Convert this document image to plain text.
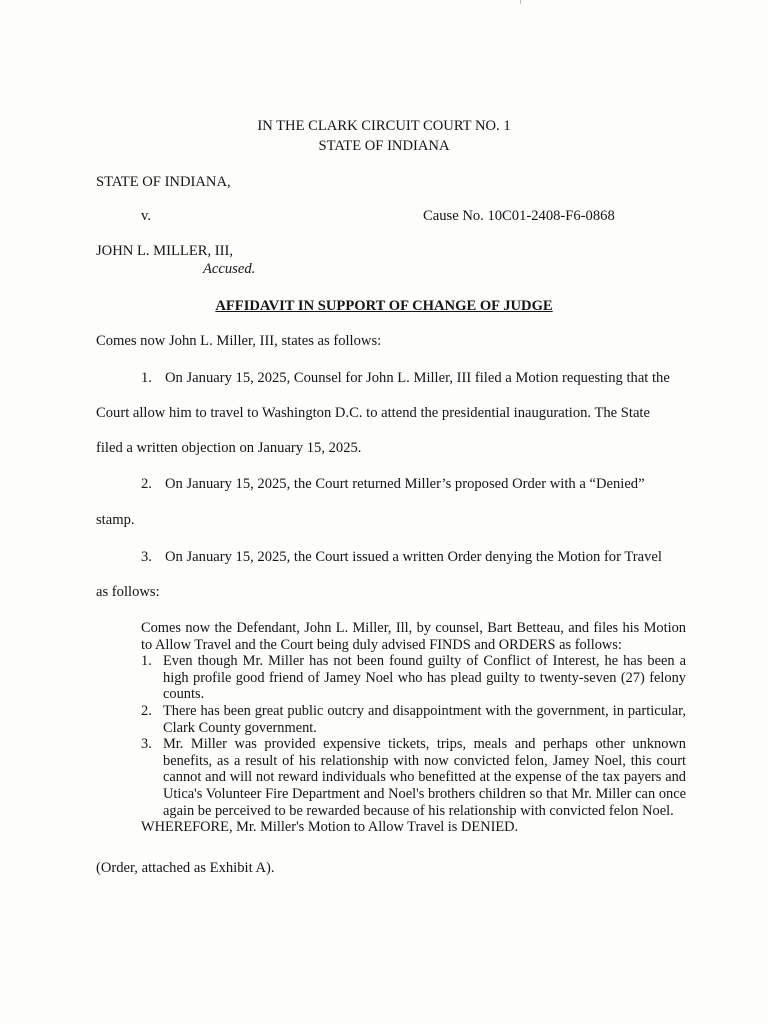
IN THE CLARK CIRCUIT COURT NO. 1
STATE OF INDIANA
STATE OF INDIANA,
v.	Cause No. 10C01-2408-F6-0868
JOHN L. MILLER, III,
Accused.
AFFIDAVIT IN SUPPORT OF CHANGE OF JUDGE
Comes now John L. Miller, III, states as follows:
1. On January 15, 2025, Counsel for John L. Miller, III filed a Motion requesting that the
Court allow him to travel to Washington D.C. to attend the presidential inauguration. The State
filed a written objection on January 15, 2025.
2. On January 15, 2025, the Court returned Miller’s proposed Order with a “Denied”
stamp.
3. On January 15, 2025, the Court issued a written Order denying the Motion for Travel
as follows:

Comes now the Defendant, John L. Miller, Ill, by counsel, Bart Betteau, and files his Motion to Allow Travel and the Court being duly advised FINDS and ORDERS as follows:

1. Even though Mr. Miller has not been found guilty of Conflict of Interest, he has been a high profile good friend of Jamey Noel who has plead guilty to twenty-seven (27) felony counts.
2. There has been great public outcry and disappointment with the government, in particular, Clark County government.
3. Mr. Miller was provided expensive tickets, trips, meals and perhaps other unknown benefits, as a result of his relationship with now convicted felon, Jamey Noel, this court cannot and will not reward individuals who benefitted at the expense of the tax payers and Utica's Volunteer Fire Department and Noel's brothers children so that Mr. Miller can once again be perceived to be rewarded because of his relationship with convicted felon Noel.

WHEREFORE, Mr. Miller's Motion to Allow Travel is DENIED.

(Order, attached as Exhibit A).
